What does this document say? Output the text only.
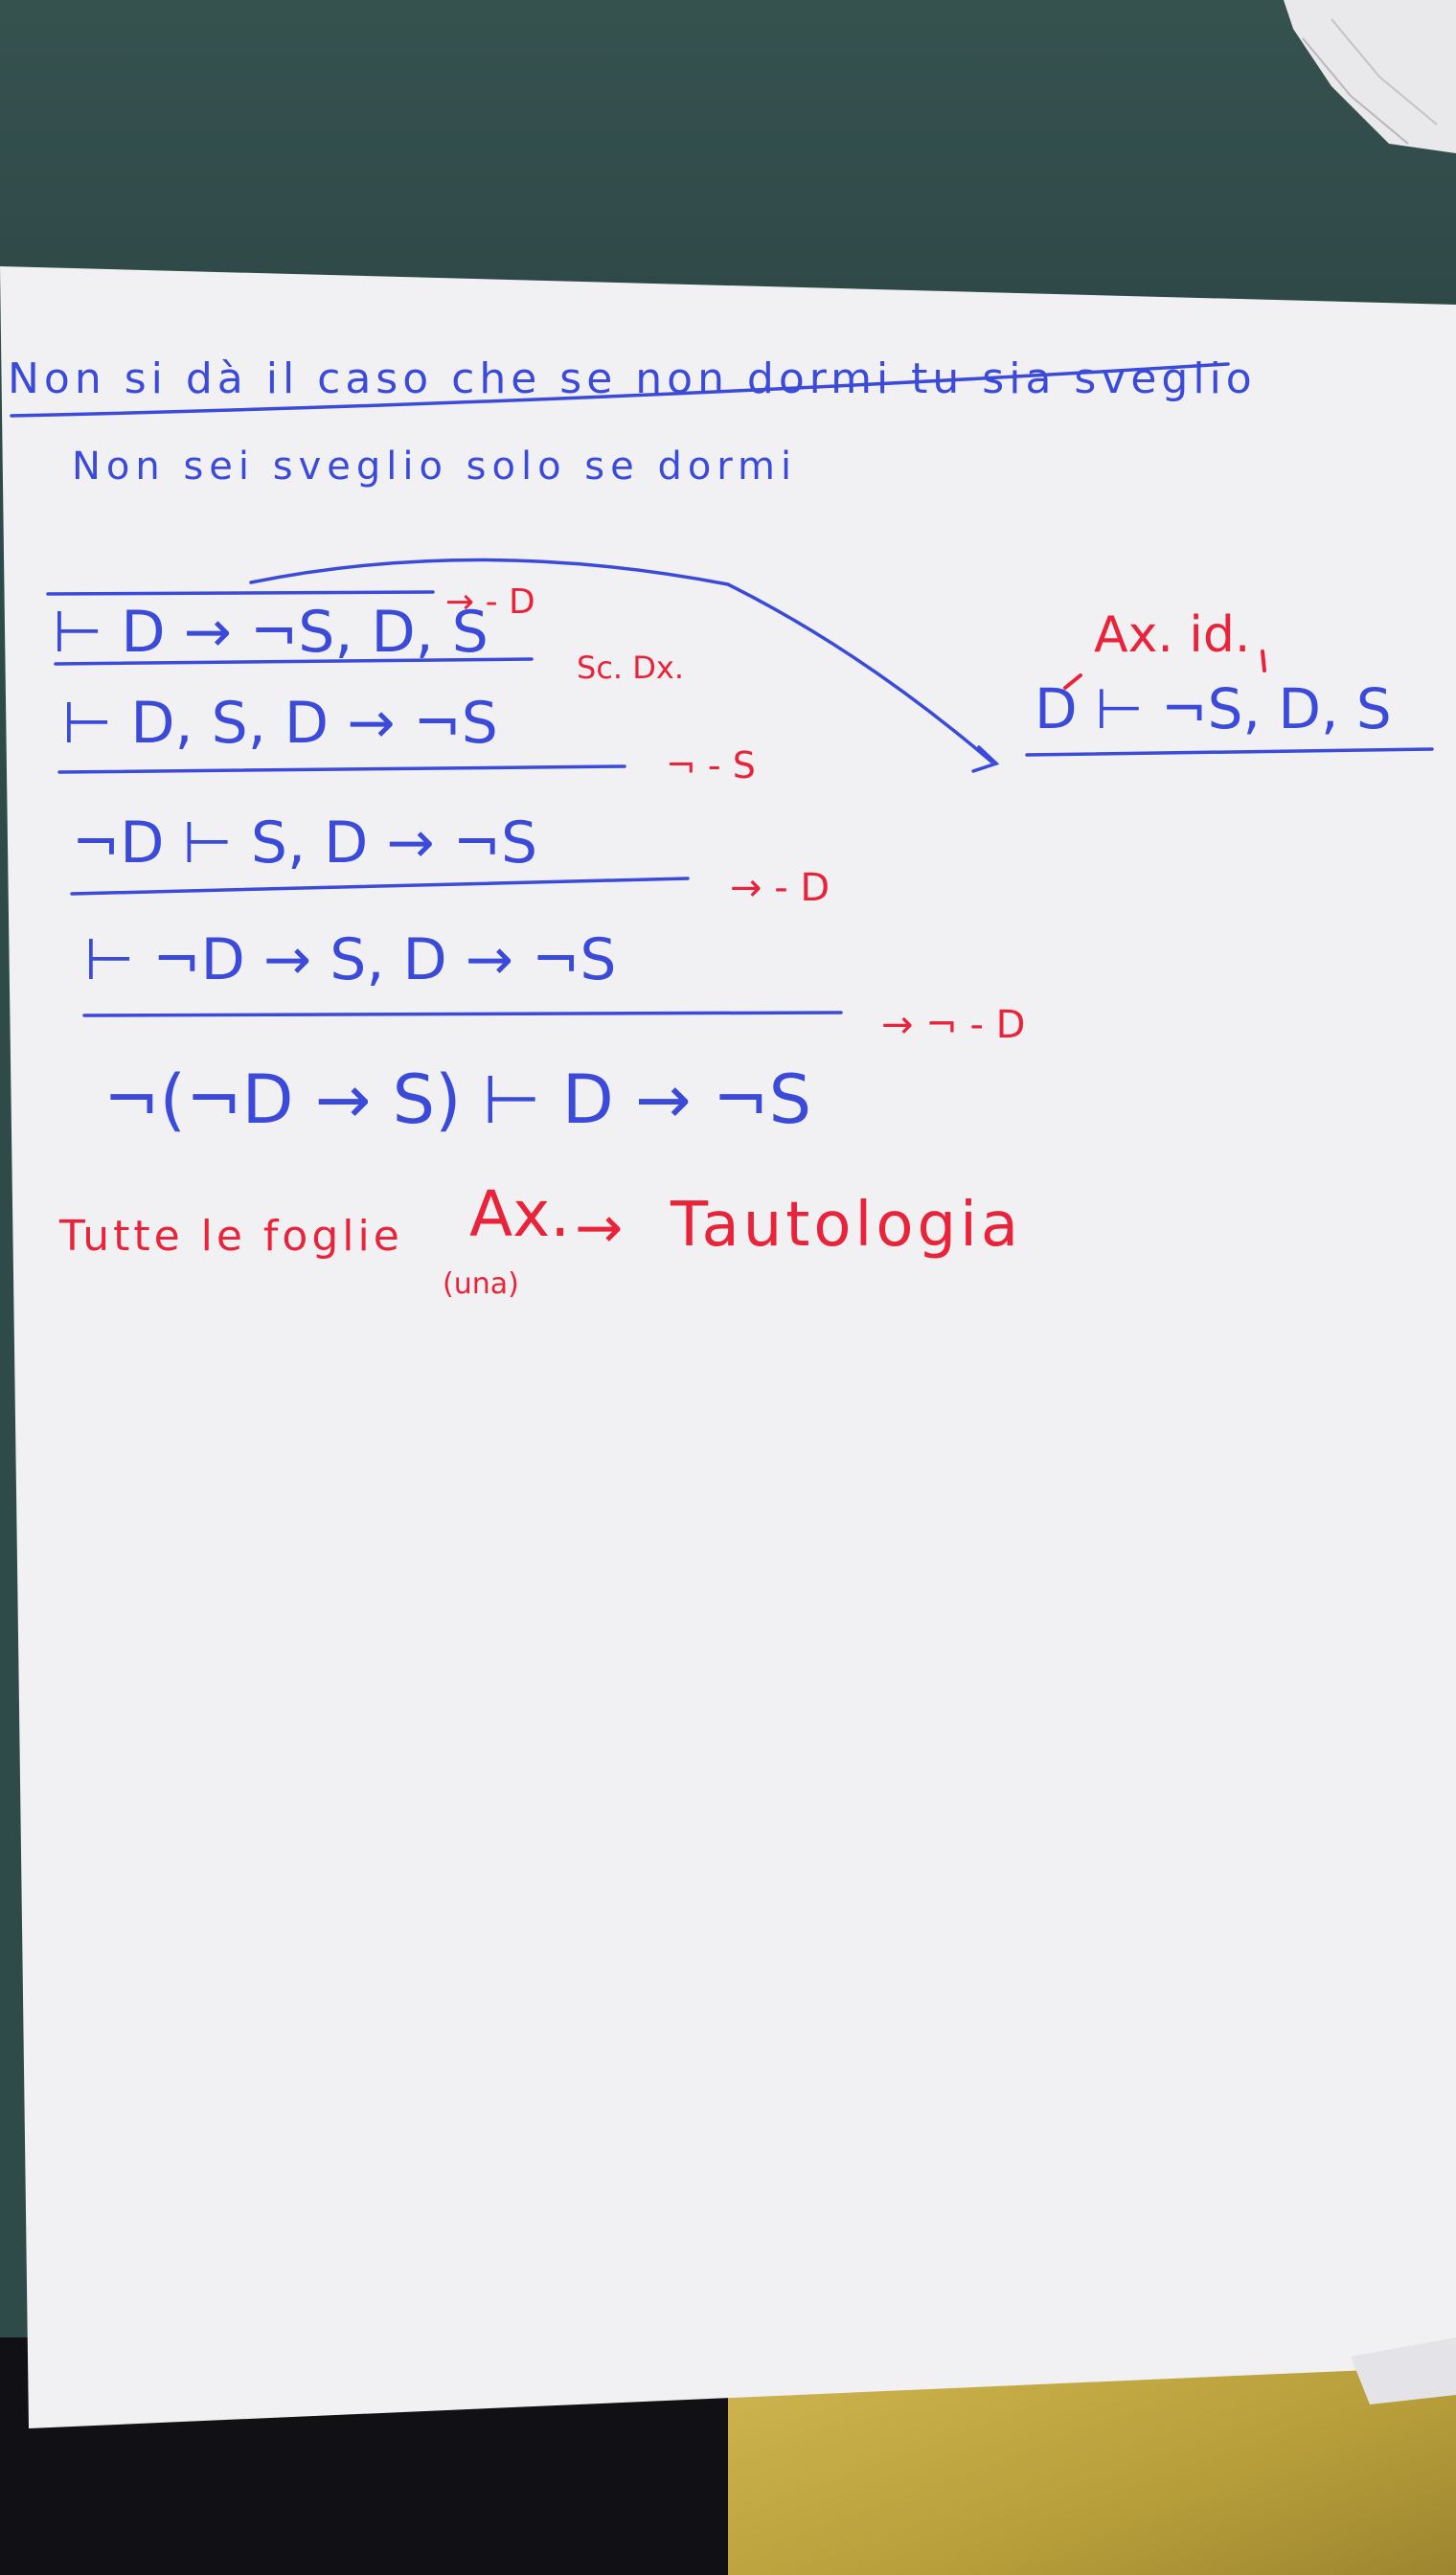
Non si dà il caso che se non dormi tu sia sveglio
Non sei sveglio solo se dormi
⊢ D → ¬S, D, S
→ - D
Sc. Dx.
⊢ D, S, D → ¬S
¬ - S
¬D ⊢ S, D → ¬S
→ - D
⊢ ¬D → S, D → ¬S
→ ¬ - D
¬(¬D → S) ⊢ D → ¬S
Ax. id.
D ⊢ ¬S, D, S
Tutte le foglie Ax.
(una)
→ Tautologia
